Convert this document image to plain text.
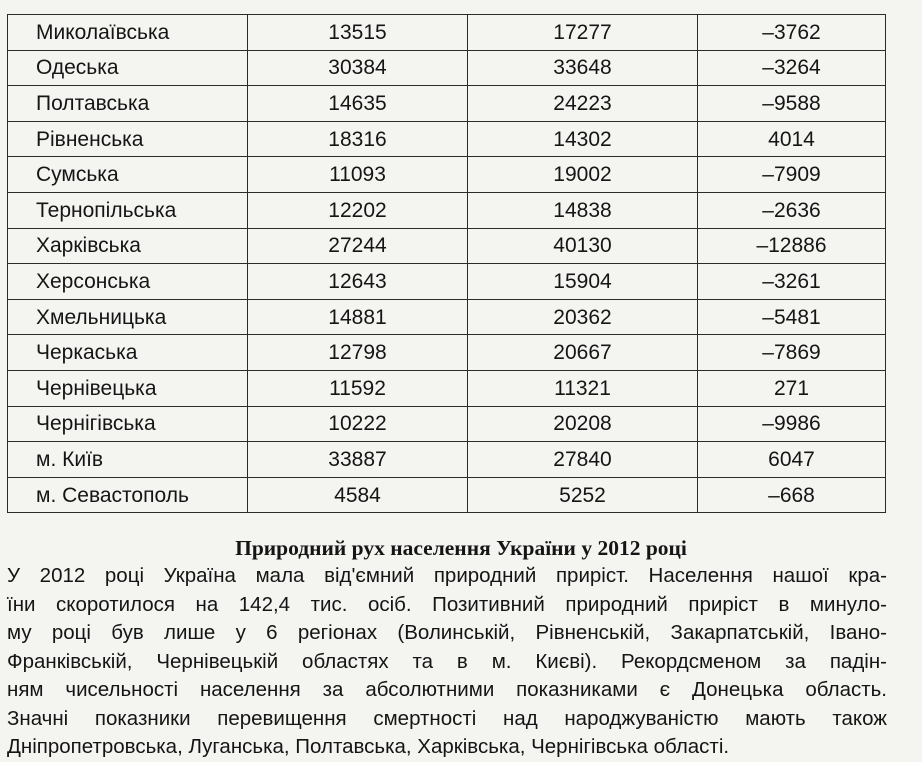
Миколаївська	13515	17277	–3762
Одеська	30384	33648	–3264
Полтавська	14635	24223	–9588
Рівненська	18316	14302	4014
Сумська	11093	19002	–7909
Тернопільська	12202	14838	–2636
Харківська	27244	40130	–12886
Херсонська	12643	15904	–3261
Хмельницька	14881	20362	–5481
Черкаська	12798	20667	–7869
Чернівецька	11592	11321	271
Чернігівська	10222	20208	–9986
м. Київ	33887	27840	6047
м. Севастополь	4584	5252	–668
Природний рух населення України у 2012 році
У 2012 році Україна мала від'ємний природний приріст. Населення нашої кра-
їни скоротилося на 142,4 тис. осіб. Позитивний природний приріст в минуло-
му році був лише у 6 регіонах (Волинській, Рівненській, Закарпатській, Івано-
Франківській, Чернівецькій областях та в м. Києві). Рекордсменом за падін-
ням чисельності населення за абсолютними показниками є Донецька область.
Значні показники перевищення смертності над народжуваністю мають також
Дніпропетровська, Луганська, Полтавська, Харківська, Чернігівська області.
